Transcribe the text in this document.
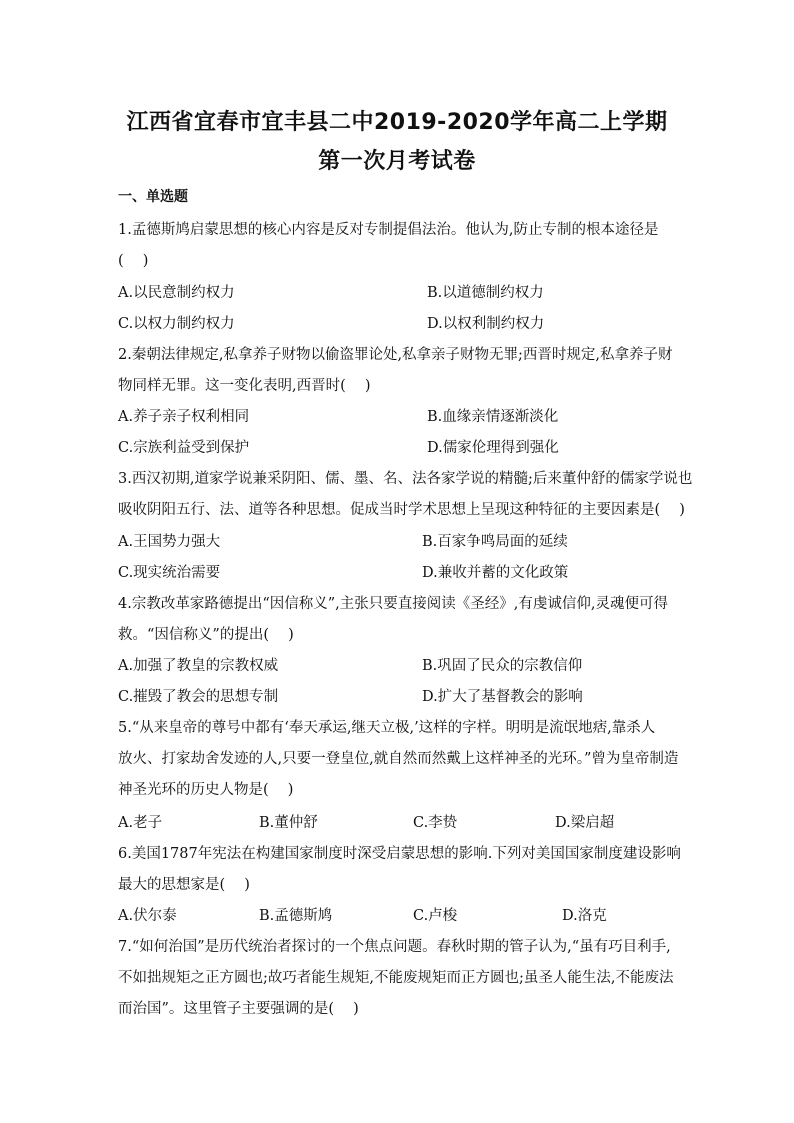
江西省宜春市宜丰县二中2019-2020学年高二上学期
第一次月考试卷
一、单选题
1.孟德斯鸠启蒙思想的核心内容是反对专制提倡法治。他认为,防止专制的根本途径是
(　 )
A.以民意制约权力	B.以道德制约权力
C.以权力制约权力	D.以权利制约权力
2.秦朝法律规定,私拿养子财物以偷盗罪论处,私拿亲子财物无罪;西晋时规定,私拿养子财
物同样无罪。这一变化表明,西晋时(　 )
A.养子亲子权利相同	B.血缘亲情逐渐淡化
C.宗族利益受到保护	D.儒家伦理得到强化
3.西汉初期,道家学说兼采阴阳、儒、墨、名、法各家学说的精髓;后来董仲舒的儒家学说也
吸收阴阳五行、法、道等各种思想。促成当时学术思想上呈现这种特征的主要因素是(　 )
A.王国势力强大	B.百家争鸣局面的延续
C.现实统治需要	D.兼收并蓄的文化政策
4.宗教改革家路德提出“因信称义”,主张只要直接阅读《圣经》,有虔诚信仰,灵魂便可得
救。“因信称义”的提出(　 )
A.加强了教皇的宗教权威	B.巩固了民众的宗教信仰
C.摧毁了教会的思想专制	D.扩大了基督教会的影响
5.“从来皇帝的尊号中都有‘奉天承运,继天立极,’这样的字样。明明是流氓地痞,靠杀人
放火、打家劫舍发迹的人,只要一登皇位,就自然而然戴上这样神圣的光环。”曾为皇帝制造
神圣光环的历史人物是(　 )
A.老子	B.董仲舒	C.李贽	D.梁启超
6.美国1787年宪法在构建国家制度时深受启蒙思想的影响.下列对美国国家制度建设影响
最大的思想家是(　 )
A.伏尔泰	B.孟德斯鸠	C.卢梭	D.洛克
7.“如何治国”是历代统治者探讨的一个焦点问题。春秋时期的管子认为,“虽有巧目利手,
不如拙规矩之正方圆也;故巧者能生规矩,不能废规矩而正方圆也;虽圣人能生法,不能废法
而治国”。这里管子主要强调的是(　 )
